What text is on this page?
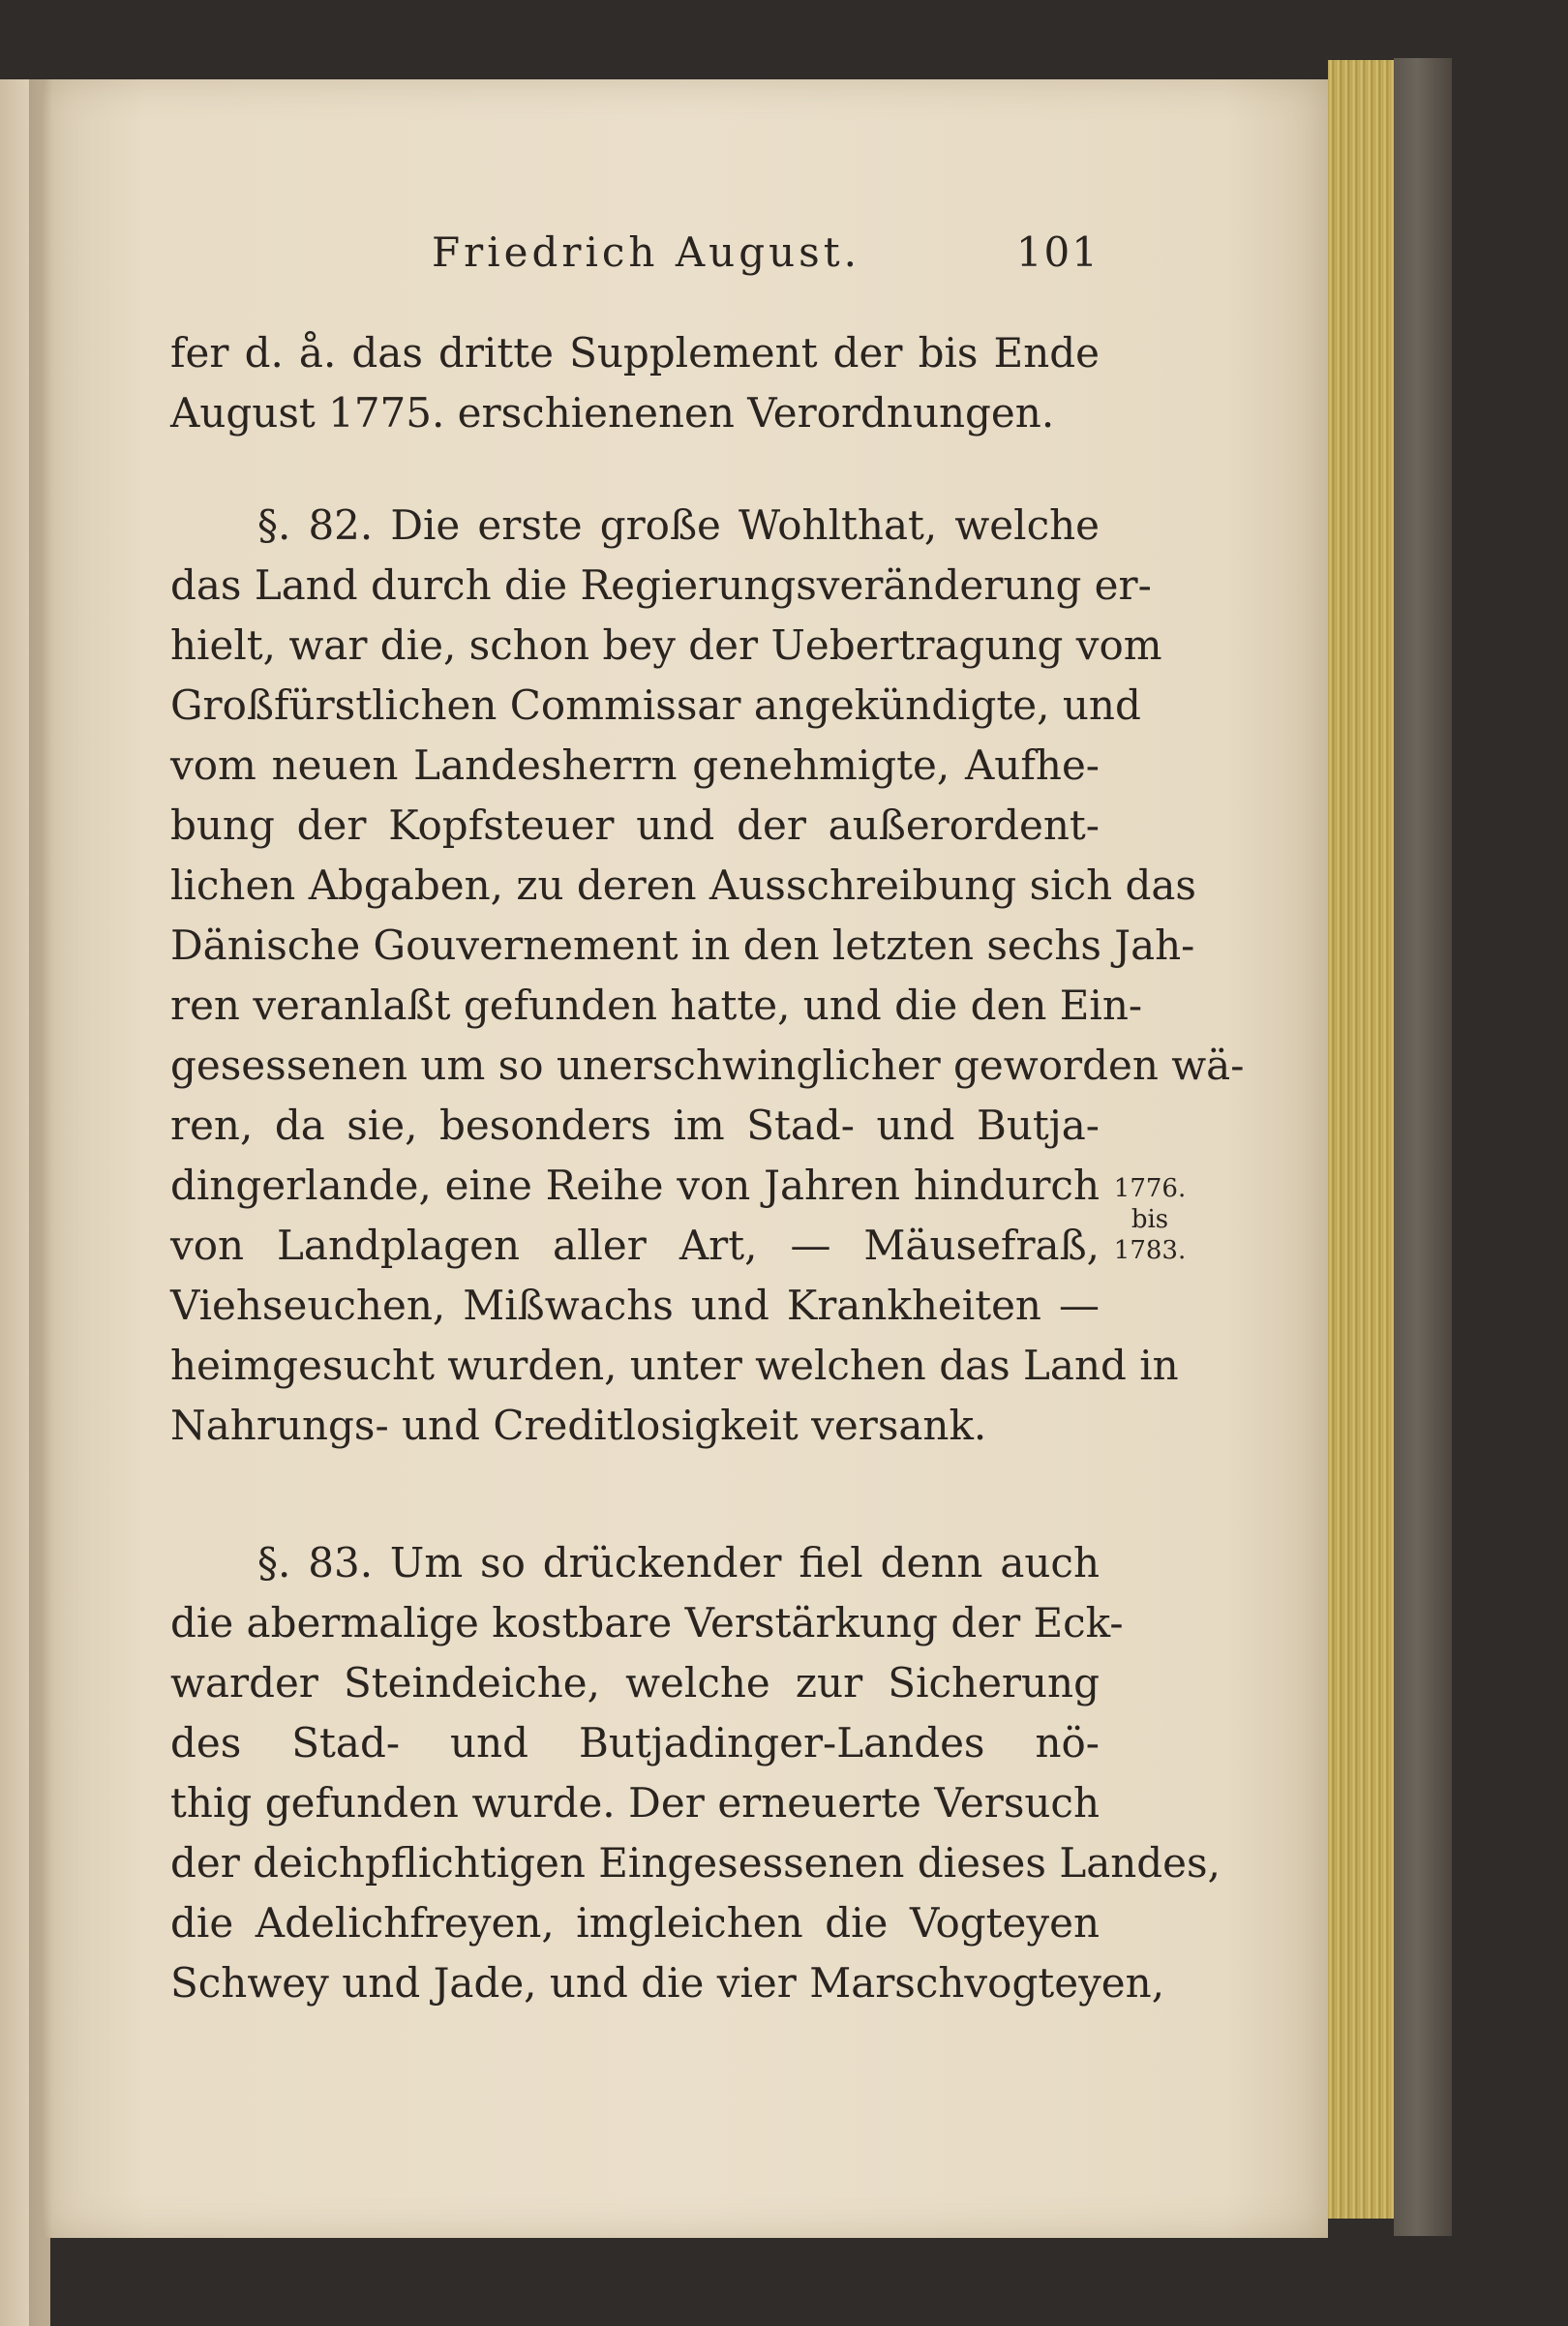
Friedrich August.	101
fer d. å. das dritte Supplement der bis Ende
August 1775. erschienenen Verordnungen.
§. 82. Die erste große Wohlthat, welche
das Land durch die Regierungsveränderung er-
hielt, war die, schon bey der Uebertragung vom
Großfürstlichen Commissar angekündigte, und
vom neuen Landesherrn genehmigte, Aufhe-
bung der Kopfsteuer und der außerordent-
lichen Abgaben, zu deren Ausschreibung sich das
Dänische Gouvernement in den letzten sechs Jah-
ren veranlaßt gefunden hatte, und die den Ein-
gesessenen um so unerschwinglicher geworden wä-
ren, da sie, besonders im Stad- und Butja-
dingerlande, eine Reihe von Jahren hindurch
von Landplagen aller Art, — Mäusefraß,
Viehseuchen, Mißwachs und Krankheiten —
heimgesucht wurden, unter welchen das Land in
Nahrungs- und Creditlosigkeit versank.
§. 83. Um so drückender fiel denn auch
die abermalige kostbare Verstärkung der Eck-
warder Steindeiche, welche zur Sicherung
des Stad- und Butjadinger-Landes nö-
thig gefunden wurde. Der erneuerte Versuch
der deichpflichtigen Eingesessenen dieses Landes,
die Adelichfreyen, imgleichen die Vogteyen
Schwey und Jade, und die vier Marschvogteyen,
1776.
bis
1783.
